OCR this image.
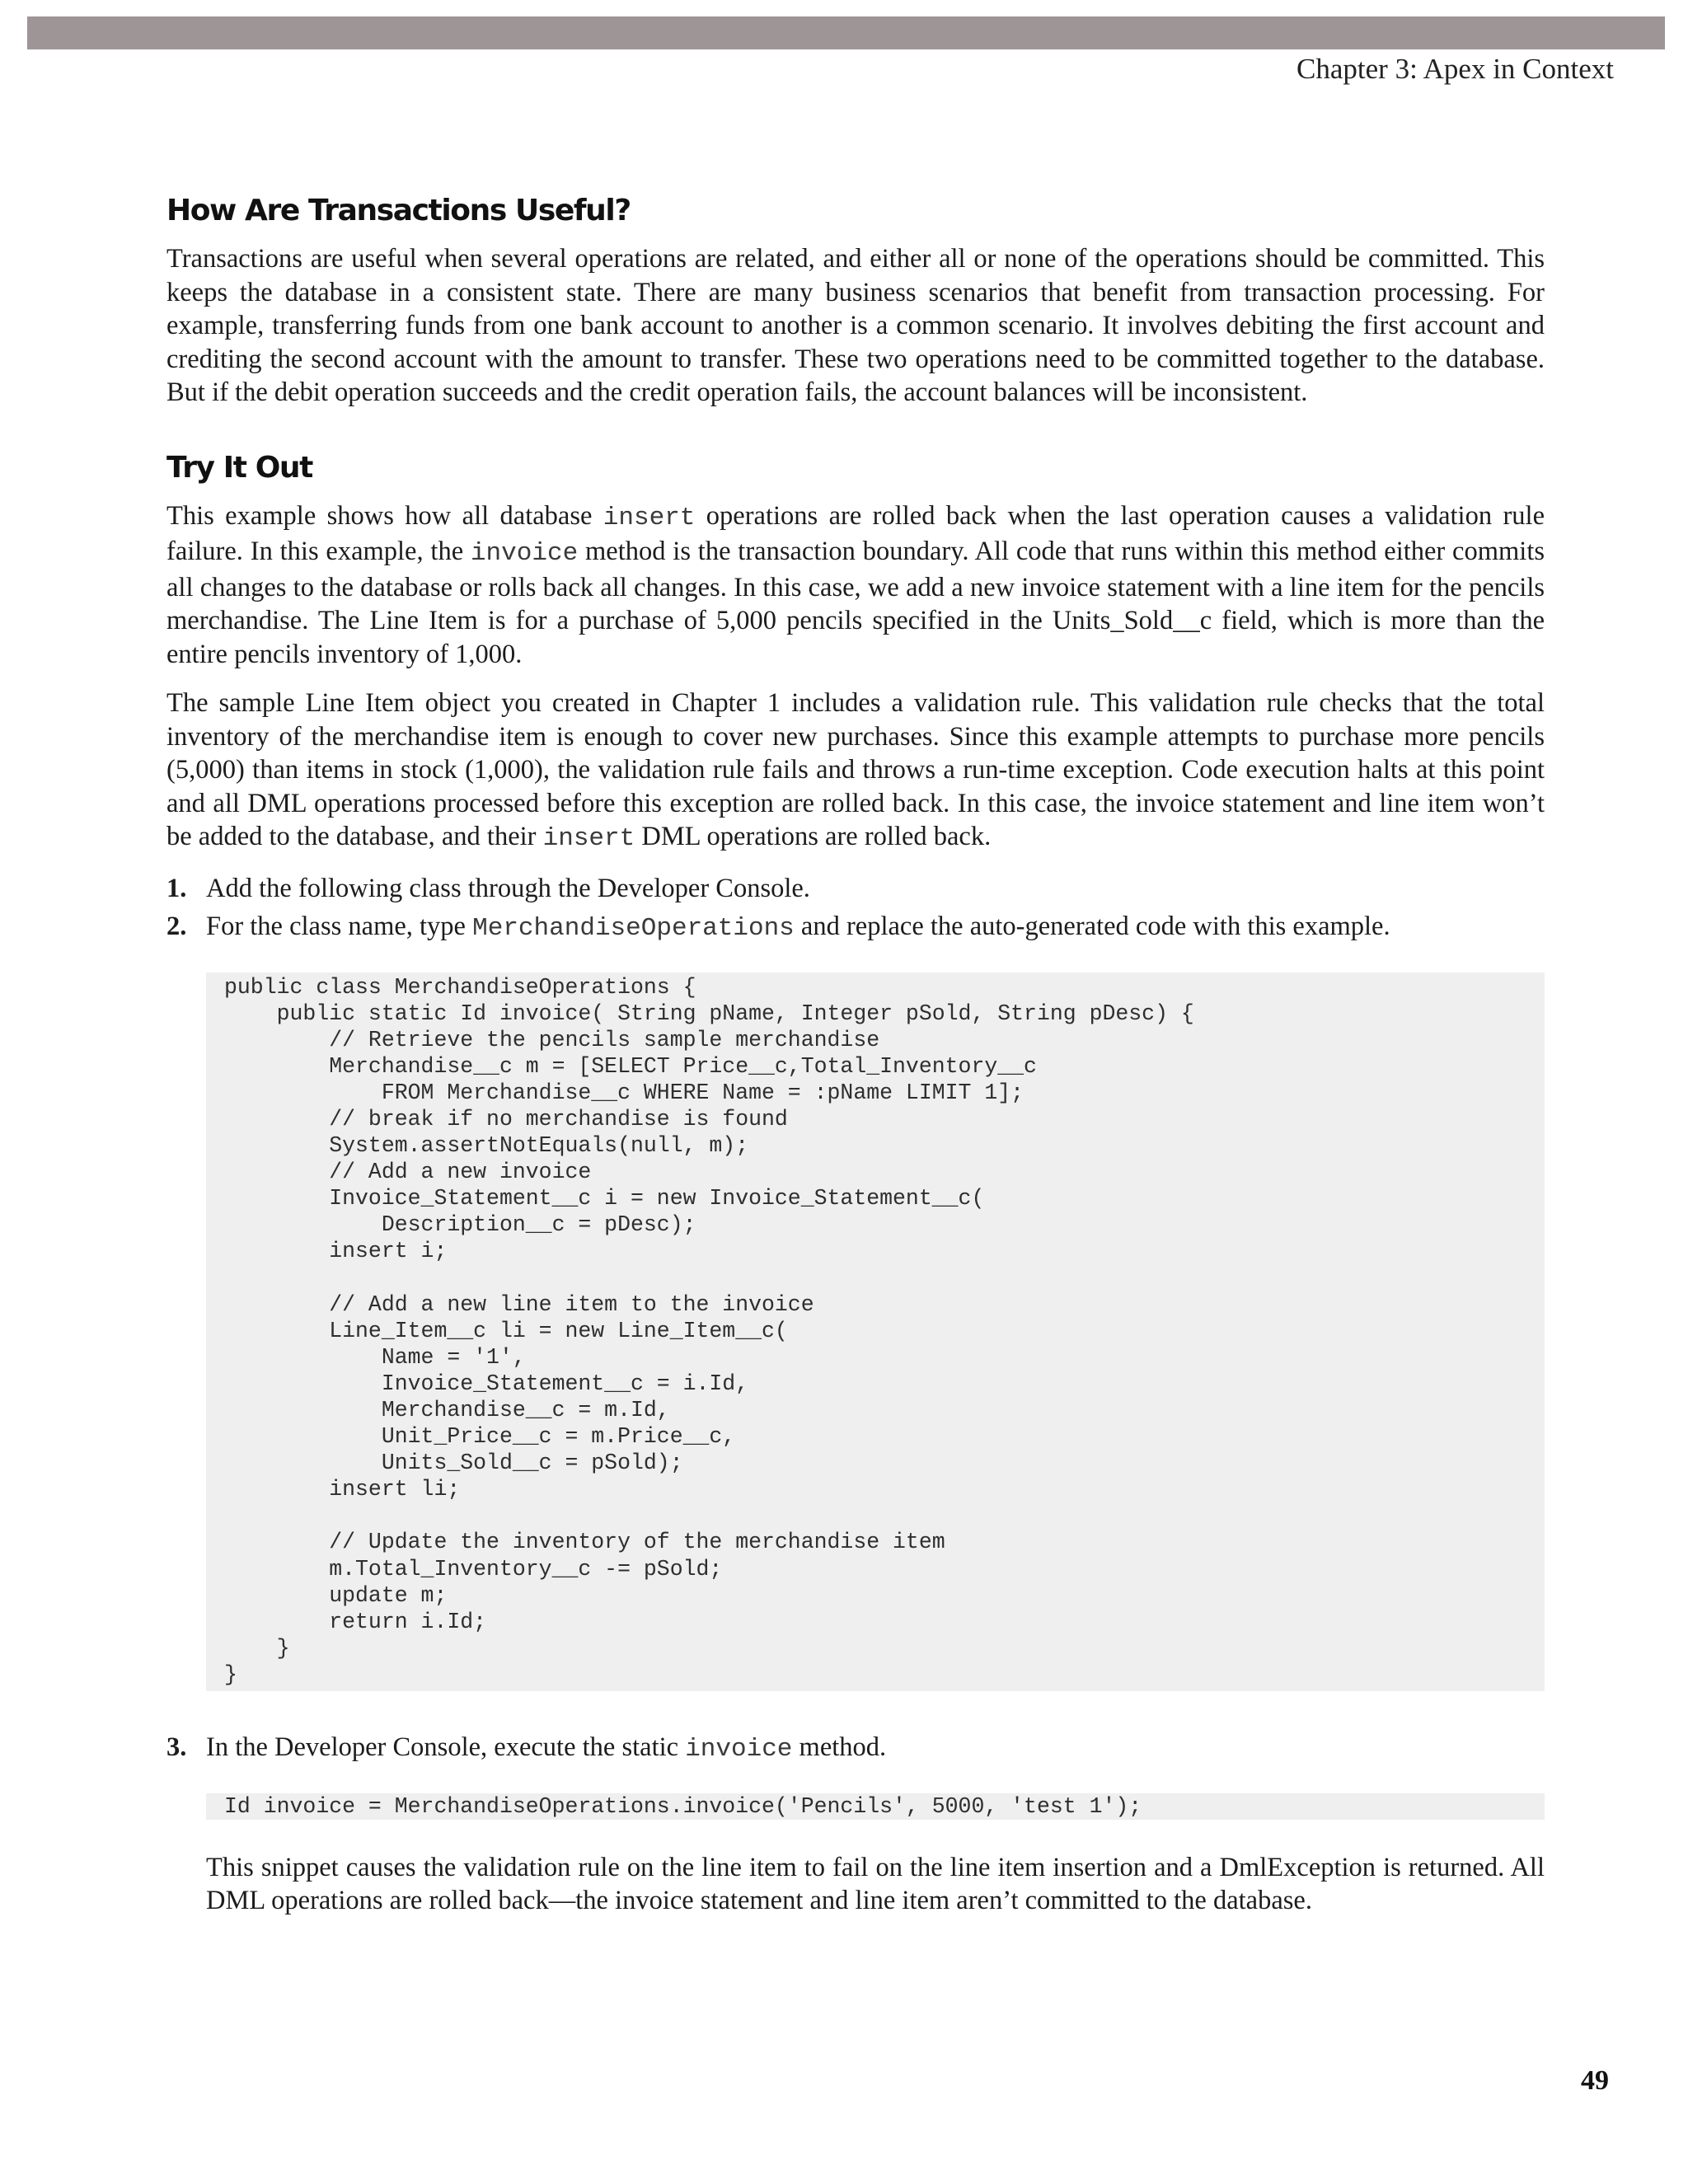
Chapter 3: Apex in Context
How Are Transactions Useful?

Transactions are useful when several operations are related, and either all or none of the operations should be committed. This keeps the database in a consistent state. There are many business scenarios that benefit from transaction processing. For example, transferring funds from one bank account to another is a common scenario. It involves debiting the first account and crediting the second account with the amount to transfer. These two operations need to be committed together to the database. But if the debit operation succeeds and the credit operation fails, the account balances will be inconsistent.

Try It Out

This example shows how all database insert operations are rolled back when the last operation causes a validation rule failure. In this example, the invoice method is the transaction boundary. All code that runs within this method either commits all changes to the database or rolls back all changes. In this case, we add a new invoice statement with a line item for the pencils merchandise. The Line Item is for a purchase of 5,000 pencils specified in the Units_Sold__c field, which is more than the entire pencils inventory of 1,000.

The sample Line Item object you created in Chapter 1 includes a validation rule. This validation rule checks that the total inventory of the merchandise item is enough to cover new purchases. Since this example attempts to purchase more pencils (5,000) than items in stock (1,000), the validation rule fails and throws a run-time exception. Code execution halts at this point and all DML operations processed before this exception are rolled back. In this case, the invoice statement and line item won’t be added to the database, and their insert DML operations are rolled back.

1. Add the following class through the Developer Console.
2. For the class name, type MerchandiseOperations and replace the auto-generated code with this example.
public class MerchandiseOperations {
public static Id invoice( String pName, Integer pSold, String pDesc) {
// Retrieve the pencils sample merchandise
Merchandise__c m = [SELECT Price__c,Total_Inventory__c
FROM Merchandise__c WHERE Name = :pName LIMIT 1];
// break if no merchandise is found
System.assertNotEquals(null, m);
// Add a new invoice
Invoice_Statement__c i = new Invoice_Statement__c(
Description__c = pDesc);
insert i;

// Add a new line item to the invoice
Line_Item__c li = new Line_Item__c(
Name = '1',
Invoice_Statement__c = i.Id,
Merchandise__c = m.Id,
Unit_Price__c = m.Price__c,
Units_Sold__c = pSold);
insert li;

// Update the inventory of the merchandise item
m.Total_Inventory__c -= pSold;
update m;
return i.Id;
}
}
3. In the Developer Console, execute the static invoice method.
Id invoice = MerchandiseOperations.invoice('Pencils', 5000, 'test 1');

This snippet causes the validation rule on the line item to fail on the line item insertion and a DmlException is returned. All DML operations are rolled back—the invoice statement and line item aren’t committed to the database.

49
